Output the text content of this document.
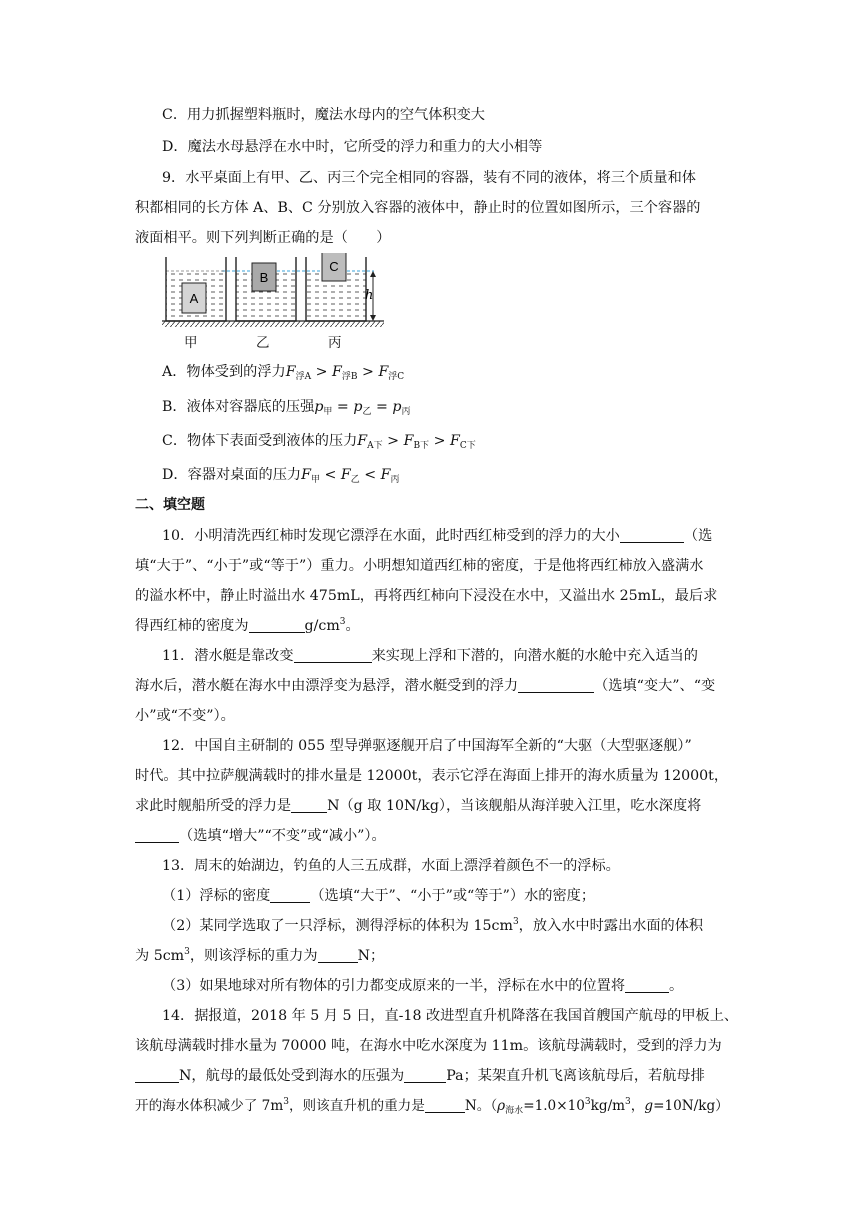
C．用力抓握塑料瓶时，魔法水母内的空气体积变大
D．魔法水母悬浮在水中时，它所受的浮力和重力的大小相等
9．水平桌面上有甲、乙、丙三个完全相同的容器，装有不同的液体，将三个质量和体
积都相同的长方体 A、B、C 分别放入容器的液体中，静止时的位置如图所示，三个容器的
液面相平。则下列判断正确的是（　　）
A
B
C
h
甲	乙	丙
A．物体受到的浮力$F_{浮A} > F_{浮B} > F_{浮C}$
B．液体对容器底的压强$p_甲 = p_乙 = p_丙$
C．物体下表面受到液体的压力$F_{A下} > F_{B下} > F_{C下}$
D．容器对桌面的压力$F_甲 < F_乙 < F_丙$
二、填空题
10．小明清洗西红柿时发现它漂浮在水面，此时西红柿受到的浮力的大小	（选
填“大于”、“小于”或“等于”）重力。小明想知道西红柿的密度，于是他将西红柿放入盛满水
的溢水杯中，静止时溢出水 475mL，再将西红柿向下浸没在水中，又溢出水 25mL，最后求
得西红柿的密度为	$g/cm^3$。
11．潜水艇是靠改变	来实现上浮和下潜的，向潜水艇的水舱中充入适当的
海水后，潜水艇在海水中由漂浮变为悬浮，潜水艇受到的浮力	（选填“变大”、“变
小”或“不变”）。
12．中国自主研制的 055 型导弹驱逐舰开启了中国海军全新的“大驱（大型驱逐舰）”
时代。其中拉萨舰满载时的排水量是 12000t，表示它浮在海面上排开的海水质量为 12000t，
求此时舰船所受的浮力是	N（g 取 10N/kg），当该舰船从海洋驶入江里，吃水深度将
（选填“增大”“不变”或“减小”）。
13．周末的始湖边，钓鱼的人三五成群，水面上漂浮着颜色不一的浮标。
（1）浮标的密度	（选填“大于”、“小于”或“等于”）水的密度；
（2）某同学选取了一只浮标，测得浮标的体积为 $15cm^3$，放入水中时露出水面的体积
为 $5cm^3$，则该浮标的重力为	N；
（3）如果地球对所有物体的引力都变成原来的一半，浮标在水中的位置将	。
14．据报道，2018 年 5 月 5 日，直-18 改进型直升机降落在我国首艘国产航母的甲板上、
该航母满载时排水量为 70000 吨，在海水中吃水深度为 11m。该航母满载时，受到的浮力为
N，航母的最低处受到海水的压强为	Pa；某架直升机飞离该航母后，若航母排
开的海水体积减少了 $7m^3$，则该直升机的重力是	N。（$\rho_{海水}=1.0\times 10^3kg/m^3$，g=10N/kg）
